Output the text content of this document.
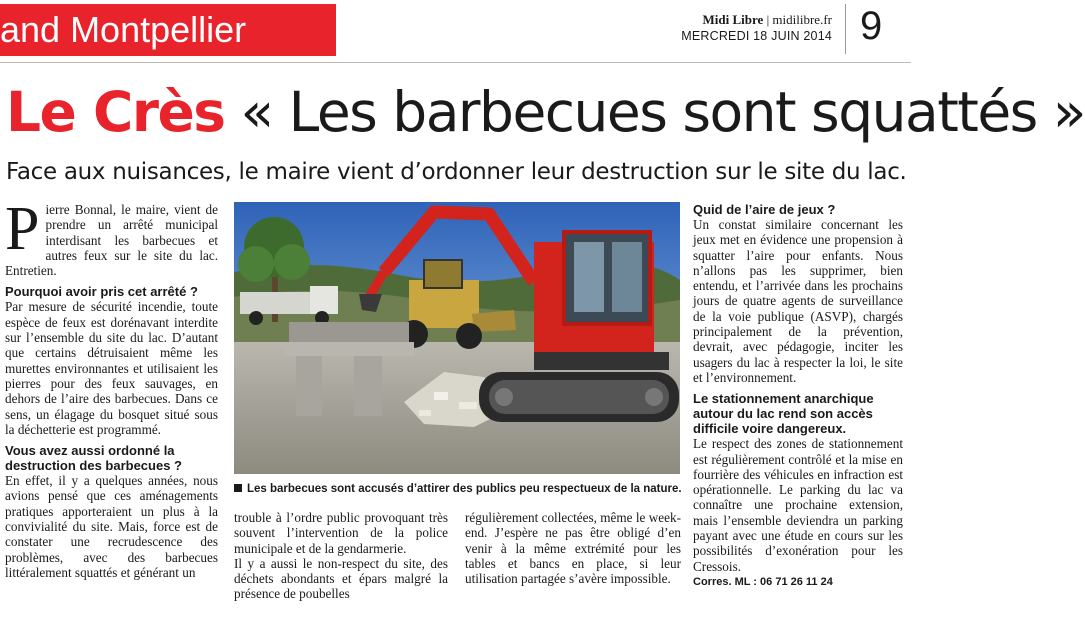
and Montpellier	Midi Libre | midilibre.fr
MERCREDI 18 JUIN 2014 9
Le Crès « Les barbecues sont squattés »
Face aux nuisances, le maire vient d’ordonner leur destruction sur le site du lac.

Pierre Bonnal, le maire, vient de prendre un arrêté municipal interdisant les barbecues et autres feux sur le site du lac. Entretien.

Pourquoi avoir pris cet arrêté ?

Par mesure de sécurité incendie, toute espèce de feux est dorénavant interdite sur l’ensemble du site du lac. D’autant que certains détruisaient même les murettes environnantes et utilisaient les pierres pour des feux sauvages, en dehors de l’aire des barbecues. Dans ce sens, un élagage du bosquet situé sous la déchetterie est programmé.

Vous avez aussi ordonné la destruction des barbecues ?

En effet, il y a quelques années, nous avions pensé que ces aménagements pratiques apporteraient un plus à la convivialité du site. Mais, force est de constater une recrudescence des problèmes, avec des barbecues littéralement squattés et générant un

Les barbecues sont accusés d’attirer des publics peu respectueux de la nature.

trouble à l’ordre public provoquant très souvent l’intervention de la police municipale et de la gendarmerie.

Il y a aussi le non-respect du site, des déchets abondants et épars malgré la présence de poubelles

régulièrement collectées, même le week-end. J’espère ne pas être obligé d’en venir à la même extrémité pour les tables et bancs en place, si leur utilisation partagée s’avère impossible.

Quid de l’aire de jeux ?

Un constat similaire concernant les jeux met en évidence une propension à squatter l’aire pour enfants. Nous n’allons pas les supprimer, bien entendu, et l’arrivée dans les prochains jours de quatre agents de surveillance de la voie publique (ASVP), chargés principalement de la prévention, devrait, avec pédagogie, inciter les usagers du lac à respecter la loi, le site et l’environnement.

Le stationnement anarchique autour du lac rend son accès difficile voire dangereux.

Le respect des zones de stationnement est régulièrement contrôlé et la mise en fourrière des véhicules en infraction est opérationnelle. Le parking du lac va connaître une prochaine extension, mais l’ensemble deviendra un parking payant avec une étude en cours sur les possibilités d’exonération pour les Cressois.

Corres. ML : 06 71 26 11 24
